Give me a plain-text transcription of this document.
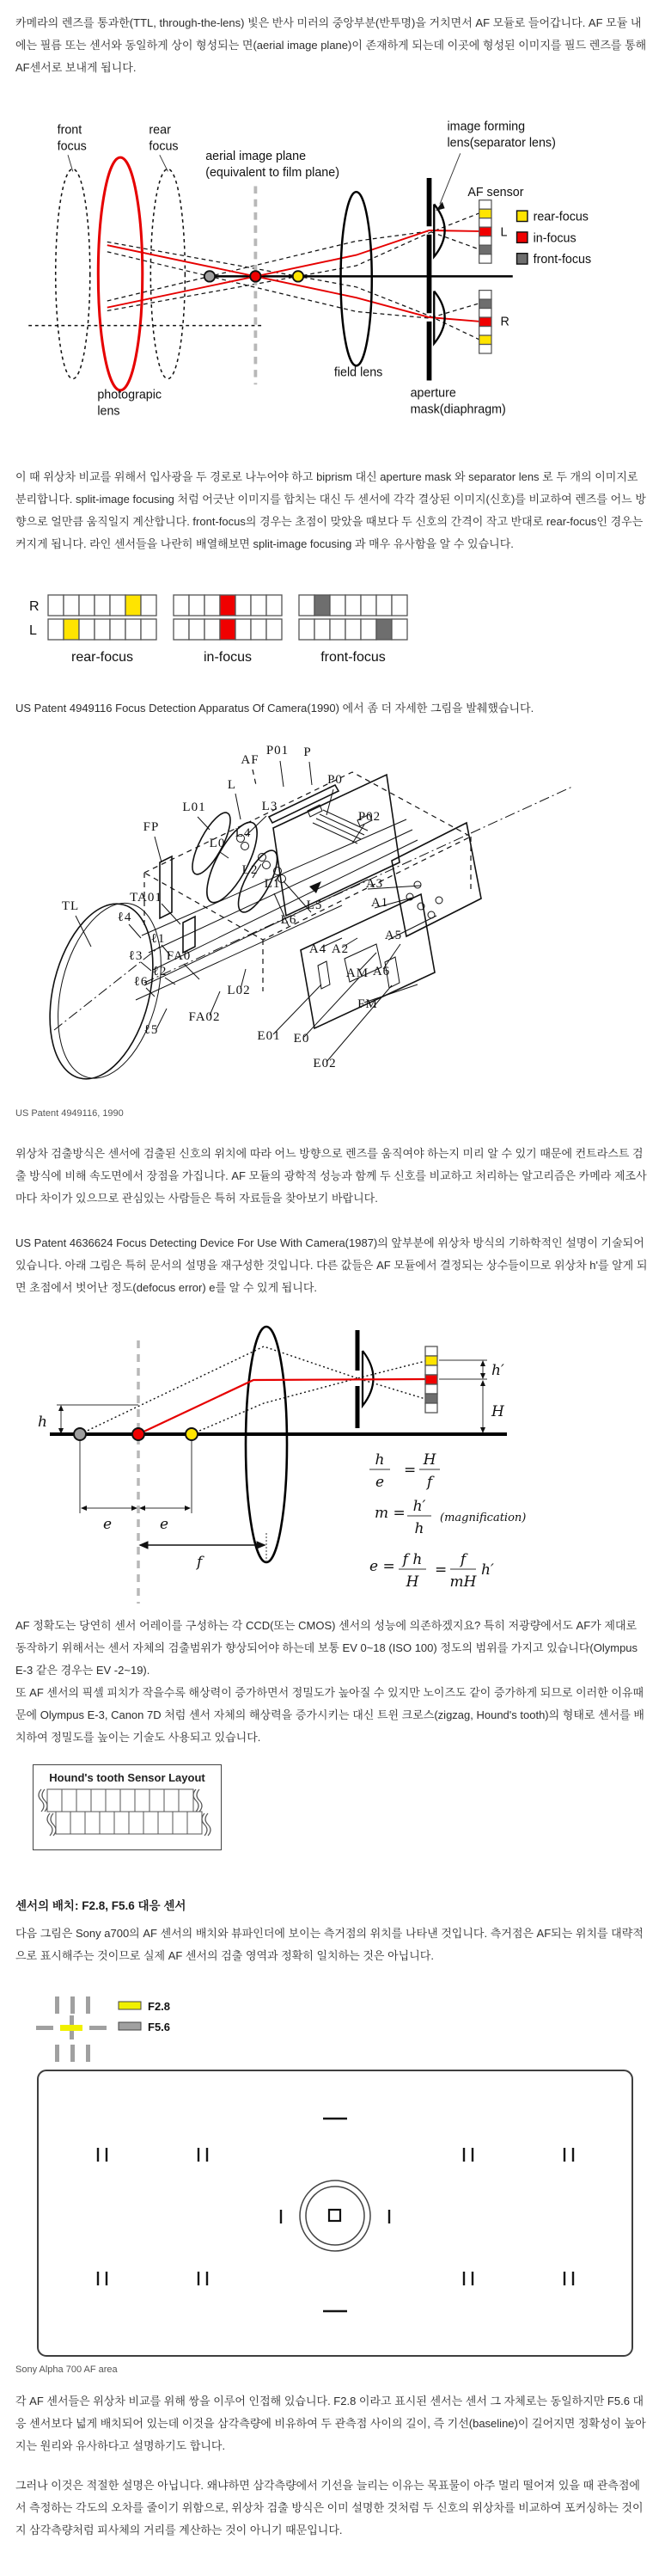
카메라의 렌즈를 통과한(TTL, through-the-lens) 빛은 반사 미러의 중앙부분(반투명)을 거치면서 AF 모듈로 들어갑니다. AF 모듈 내에는 필름 또는 센서와 동일하게 상이 형성되는 면(aerial image plane)이 존재하게 되는데 이곳에 형성된 이미지를 필드 렌즈를 통해 AF센서로 보내게 됩니다.

front
focus
rear
focus
aerial image plane
(equivalent to film plane)
image forming
lens(separator lens)
AF sensor
photograpic
lens
field lens
aperture
mask(diaphragm)
L
R
rear-focus
in-focus
front-focus

이 때 위상차 비교를 위해서 입사광을 두 경로로 나누어야 하고 biprism 대신 aperture mask 와 separator lens 로 두 개의 이미지로 분리합니다. split-image focusing 처럼 어긋난 이미지를 합치는 대신 두 센서에 각각 결상된 이미지(신호)를 비교하여 렌즈를 어느 방향으로 얼만큼 움직일지 계산합니다. front-focus의 경우는 초점이 맞았을 때보다 두 신호의 간격이 작고 반대로 rear-focus인 경우는 커지게 됩니다. 라인 센서들을 나란히 배열해보면 split-image focusing 과 매우 유사함을 알 수 있습니다.

R
L
rear-focus	in-focus	front-focus

US Patent 4949116 Focus Detection Apparatus Of Camera(1990) 에서 좀 더 자세한 그림을 발췌했습니다.

TL
FP
L01
L0
L
AF
P01 P
P0
P02
L3
L4
L2
L1
TA01
L5
L6
A3
A1
A5
A4 A2
AM A6
FM
ℓ4
ℓ1
ℓ3
ℓ2
ℓ6
ℓ5
FA0
FA02
L02
E01 E0
E02
US Patent 4949116, 1990

위상차 검출방식은 센서에 검출된 신호의 위치에 따라 어느 방향으로 렌즈를 움직여야 하는지 미리 알 수 있기 때문에 컨트라스트 검출 방식에 비해 속도면에서 장점을 가집니다. AF 모듈의 광학적 성능과 함께 두 신호를 비교하고 처리하는 알고리즘은 카메라 제조사마다 차이가 있으므로 관심있는 사람들은 특허 자료들을 찾아보기 바랍니다.

US Patent 4636624 Focus Detecting Device For Use With Camera(1987)의 앞부분에 위상차 방식의 기하학적인 설명이 기술되어 있습니다. 아래 그림은 특허 문서의 설명을 재구성한 것입니다. 다른 값들은 AF 모듈에서 결정되는 상수들이므로 위상차 h'를 알게 되면 초점에서 벗어난 정도(defocus error) e를 알 수 있게 됩니다.

h
h′
H
e	e
f
h
e
=
H
f
m = h′
h
(magnification)
e = f h
H
=
f
mH
h′

AF 정확도는 당연히 센서 어레이를 구성하는 각 CCD(또는 CMOS) 센서의 성능에 의존하겠지요? 특히 저광량에서도 AF가 제대로 동작하기 위해서는 센서 자체의 검출범위가 향상되어야 하는데 보통 EV 0~18 (ISO 100) 정도의 범위를 가지고 있습니다(Olympus E-3 같은 경우는 EV -2~19).
또 AF 센서의 픽셀 피치가 작을수록 해상력이 증가하면서 정밀도가 높아질 수 있지만 노이즈도 같이 증가하게 되므로 이러한 이유때문에 Olympus E-3, Canon 7D 처럼 센서 자체의 해상력을 증가시키는 대신 트윈 크로스(zigzag, Hound's tooth)의 형태로 센서를 배치하여 정밀도를 높이는 기술도 사용되고 있습니다.

Hound's tooth Sensor Layout
센서의 배치: F2.8, F5.6 대응 센서

다음 그림은 Sony a700의 AF 센서의 배치와 뷰파인더에 보이는 측거점의 위치를 나타낸 것입니다. 측거점은 AF되는 위치를 대략적으로 표시해주는 것이므로 실제 AF 센서의 검출 영역과 정확히 일치하는 것은 아닙니다.

F2.8
F5.6
Sony Alpha 700 AF area

각 AF 센서들은 위상차 비교를 위해 쌍을 이루어 인접해 있습니다. F2.8 이라고 표시된 센서는 센서 그 자체로는 동일하지만 F5.6 대응 센서보다 넓게 배치되어 있는데 이것을 삼각측량에 비유하여 두 관측점 사이의 길이, 즉 기선(baseline)이 길어지면 정확성이 높아지는 원리와 유사하다고 설명하기도 합니다.

그러나 이것은 적절한 설명은 아닙니다. 왜냐하면 삼각측량에서 기선을 늘리는 이유는 목표물이 아주 멀리 떨어져 있을 때 관측점에서 측정하는 각도의 오차를 줄이기 위함으로, 위상차 검출 방식은 이미 설명한 것처럼 두 신호의 위상차를 비교하여 포커싱하는 것이지 삼각측량처럼 피사체의 거리를 계산하는 것이 아니기 때문입니다.
